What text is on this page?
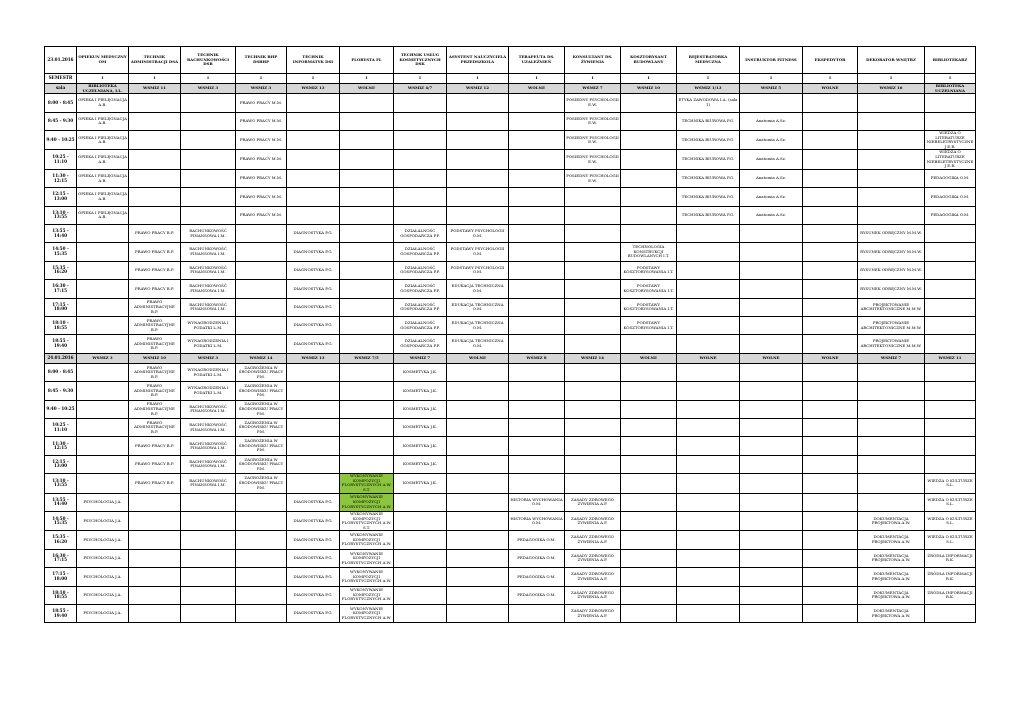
23.01.2016	OPIEKUN MEDYCZNY OM	TECHNIK ADMINISTRACJI DSA	TECHNIK RACHUNKOWOŚCI DSR	TECHNIK BHP DSBHP	TECHNIK INFORMATYK DSI	FLORYSTA FL	TECHNIK USŁUG KOSMETYCZNYCH DSK	ASYSTENT NAUCZYCIELA PRZEDSZKOLA	TERAPEUTA DS. UZALEŻNIEŃ	KONSULTANT DS. ŻYWIENIA	KOSZTORYSANT BUDOWLANY	REJESTRATORKA MEDYCZNA	INSTRUKTOR FITNESS	EKSPEDYTOR	DEKORATOR WNĘTRZ	BIBLIOTEKARZ
SEMESTR	I	I	I	I	I	I	I	I	I	I	I	I	I	I	I	I
sala	BIBLIOTEKA UCZELNIANA, I.L.	WSMIZ 11	WSMIZ 3	WSMIZ 3	WSMIZ 13	WOLNE	WSMIZ 4/7	WSMIZ 12	WOLNE	WSMIZ 7	WSMIZ 10	WSMIZ 1/13	WSMIZ 5	WOLNE	WSMIZ 16	BIBLIOTEKA UCZELNIANA
8:00 - 8:45	OPIEKA I PIELĘGNACJA A.B.			PRAWO PRACY M.M.						POSIEDNY PSYCHOLOGII E.W.		ETYKA ZAWODOWA I.A. (sala 1)				
8:45 - 9:30	OPIEKA I PIELĘGNACJA A.B.			PRAWO PRACY M.M.						POSIEDNY PSYCHOLOGII E.W.		TECHNIKA BIUROWA P.G.	Anatomia A.Sz.			
9:40 - 10:25	OPIEKA I PIELĘGNACJA A.B.			PRAWO PRACY M.M.						POSIEDNY PSYCHOLOGII E.W.		TECHNIKA BIUROWA P.G.	Anatomia A.Sz.			WIEDZA O LITERATURZE NIEBELETRYSTYCZNEJ E.R.
10:25 - 11:10	OPIEKA I PIELĘGNACJA A.B.			PRAWO PRACY M.M.						POSIEDNY PSYCHOLOGII E.W.		TECHNIKA BIUROWA P.G.	Anatomia A.Sz.			WIEDZA O LITERATURZE NIEBELETRYSTYCZNEJ E.R.
11:30 - 12:15	OPIEKA I PIELĘGNACJA A.B.			PRAWO PRACY M.M.						POSIEDNY PSYCHOLOGII E.W.		TECHNIKA BIUROWA P.G.	Anatomia A.Sz.			PEDAGOGIKA O.M.
12:15 - 13:00	OPIEKA I PIELĘGNACJA A.B.			PRAWO PRACY M.M.								TECHNIKA BIUROWA P.G.	Anatomia A.Sz.			PEDAGOGIKA O.M.
13:10 - 13:55	OPIEKA I PIELĘGNACJA A.B.			PRAWO PRACY M.M.								TECHNIKA BIUROWA P.G.	Anatomia A.Sz.			PEDAGOGIKA O.M.
13:55 - 14:40		PRAWO PRACY B.P.	RACHUNKOWOŚĆ FINANSOWA I.M.		DIAGNOSTYKA P.G.		DZIAŁALNOŚĆ GOSPODARCZA P.P.	PODSTAWY PSYCHOLOGII O.M.							RYSUNEK ODRĘCZNY M.M.W.	
14:50 - 15:35		PRAWO PRACY B.P.	RACHUNKOWOŚĆ FINANSOWA I.M.		DIAGNOSTYKA P.G.		DZIAŁALNOŚĆ GOSPODARCZA P.P.	PODSTAWY PSYCHOLOGII O.M.			TECHNOLOGIA KONSTRUKCJI BUDOWLANYCH I.T.				RYSUNEK ODRĘCZNY M.M.W.	
15:35 - 16:20		PRAWO PRACY B.P.	RACHUNKOWOŚĆ FINANSOWA I.M.		DIAGNOSTYKA P.G.		DZIAŁALNOŚĆ GOSPODARCZA P.P.	PODSTAWY PSYCHOLOGII O.M.			PODSTAWY KOSZTORYSOWANIA I.T.				RYSUNEK ODRĘCZNY M.M.W.	
16:30 - 17:15		PRAWO PRACY B.P.	RACHUNKOWOŚĆ FINANSOWA I.M.		DIAGNOSTYKA P.G.		DZIAŁALNOŚĆ GOSPODARCZA P.P.	EDUKACJA TECHNICZNA O.M.			PODSTAWY KOSZTORYSOWANIA I.T.				RYSUNEK ODRĘCZNY M.M.W.	
17:15 - 18:00		PRAWO ADMINISTRACYJNE B.P.	RACHUNKOWOŚĆ FINANSOWA I.M.		DIAGNOSTYKA P.G.		DZIAŁALNOŚĆ GOSPODARCZA P.P.	EDUKACJA TECHNICZNA O.M.			PODSTAWY KOSZTORYSOWANIA I.T.				PROJEKTOWANIE ARCHITEKTONICZNE M.M.W.	
18:10 - 18:55		PRAWO ADMINISTRACYJNE B.P.	WYNAGRODZENIA I PODATKI L.M.		DIAGNOSTYKA P.G.		DZIAŁALNOŚĆ GOSPODARCZA P.P.	EDUKACJA TECHNICZNA O.M.			PODSTAWY KOSZTORYSOWANIA I.T.				PROJEKTOWANIE ARCHITEKTONICZNE M.M.W.	
18:55 - 19:40		PRAWO ADMINISTRACYJNE B.P.	WYNAGRODZENIA I PODATKI L.M.		DIAGNOSTYKA P.G.		DZIAŁALNOŚĆ GOSPODARCZA P.P.	EDUKACJA TECHNICZNA O.M.							PROJEKTOWANIE ARCHITEKTONICZNE M.M.W.	
24.01.2016	WSMIZ 3	WSMIZ 10	WSMIZ 3	WSMIZ 14	WSMIZ 13	WSMIZ 7/5	WSMIZ 7	WOLNE	WSMIZ 8	WSMIZ 14	WOLNE	WOLNE	WOLNE	WOLNE	WSMIZ 7	WSMIZ 11
8:00 - 8:45		PRAWO ADMINISTRACYJNE B.P.	WYNAGRODZENIA I PODATKI L.M.	ZAGROŻENIA W ŚRODOWISKU PRACY P.M.			KOSMETYKA J.K.									
8:45 - 9:30		PRAWO ADMINISTRACYJNE B.P.	WYNAGRODZENIA I PODATKI L.M.	ZAGROŻENIA W ŚRODOWISKU PRACY P.M.			KOSMETYKA J.K.									
9:40 - 10:25		PRAWO ADMINISTRACYJNE B.P.	RACHUNKOWOŚĆ FINANSOWA I.M.	ZAGROŻENIA W ŚRODOWISKU PRACY P.M.			KOSMETYKA J.K.									
10:25 - 11:10		PRAWO ADMINISTRACYJNE B.P.	RACHUNKOWOŚĆ FINANSOWA I.M.	ZAGROŻENIA W ŚRODOWISKU PRACY P.M.			KOSMETYKA J.K.									
11:30 - 12:15		PRAWO PRACY B.P.	RACHUNKOWOŚĆ FINANSOWA I.M.	ZAGROŻENIA W ŚRODOWISKU PRACY P.M.			KOSMETYKA J.K.									
12:15 - 13:00		PRAWO PRACY B.P.	RACHUNKOWOŚĆ FINANSOWA I.M.	ZAGROŻENIA W ŚRODOWISKU PRACY P.M.			KOSMETYKA J.K.									
13:10 - 13:55		PRAWO PRACY B.P.	RACHUNKOWOŚĆ FINANSOWA I.M.	ZAGROŻENIA W ŚRODOWISKU PRACY P.M.		WYKONYWANIE KOMPOZYCJI FLORYSTYCZNYCH A.W. S.T.	KOSMETYKA J.K.									WIEDZA O KULTURZE S.L.
13:55 - 14:40	PSYCHOLOGIA J.A.				DIAGNOSTYKA P.G.	WYKONYWANIE KOMPOZYCJI FLORYSTYCZNYCH A.W.			HISTORIA WYCHOWANIA O.M.	ZASADY ZDROWEGO ŻYWIENIA A.F.						WIEDZA O KULTURZE S.L.
14:50 - 15:35	PSYCHOLOGIA J.A.				DIAGNOSTYKA P.G.	WYKONYWANIE KOMPOZYCJI FLORYSTYCZNYCH A.W. S.T.			HISTORIA WYCHOWANIA O.M.	ZASADY ZDROWEGO ŻYWIENIA A.F.					DOKUMENTACJA PROJEKTOWA A.W.	WIEDZA O KULTURZE S.L.
15:35 - 16:20	PSYCHOLOGIA J.A.				DIAGNOSTYKA P.G.	WYKONYWANIE KOMPOZYCJI FLORYSTYCZNYCH A.W.			PEDAGOGIKA O.M.	ZASADY ZDROWEGO ŻYWIENIA A.F.					DOKUMENTACJA PROJEKTOWA A.W.	WIEDZA O KULTURZE S.L.
16:30 - 17:15	PSYCHOLOGIA J.A.				DIAGNOSTYKA P.G.	WYKONYWANIE KOMPOZYCJI FLORYSTYCZNYCH A.W.			PEDAGOGIKA O.M.	ZASADY ZDROWEGO ŻYWIENIA A.F.					DOKUMENTACJA PROJEKTOWA A.W.	ŹRÓDŁA INFORMACJI R.K.
17:15 - 18:00	PSYCHOLOGIA J.A.				DIAGNOSTYKA P.G.	WYKONYWANIE KOMPOZYCJI FLORYSTYCZNYCH A.W.			PEDAGOGIKA O.M.	ZASADY ZDROWEGO ŻYWIENIA A.F.					DOKUMENTACJA PROJEKTOWA A.W.	ŹRÓDŁA INFORMACJI R.K.
18:10 - 18:55	PSYCHOLOGIA J.A.				DIAGNOSTYKA P.G.	WYKONYWANIE KOMPOZYCJI FLORYSTYCZNYCH A.W.			PEDAGOGIKA O.M.	ZASADY ZDROWEGO ŻYWIENIA A.F.					DOKUMENTACJA PROJEKTOWA A.W.	ŹRÓDŁA INFORMACJI R.K.
18:55 - 19:40	PSYCHOLOGIA J.A.				DIAGNOSTYKA P.G.	WYKONYWANIE KOMPOZYCJI FLORYSTYCZNYCH A.W.				ZASADY ZDROWEGO ŻYWIENIA A.F.					DOKUMENTACJA PROJEKTOWA A.W.	
